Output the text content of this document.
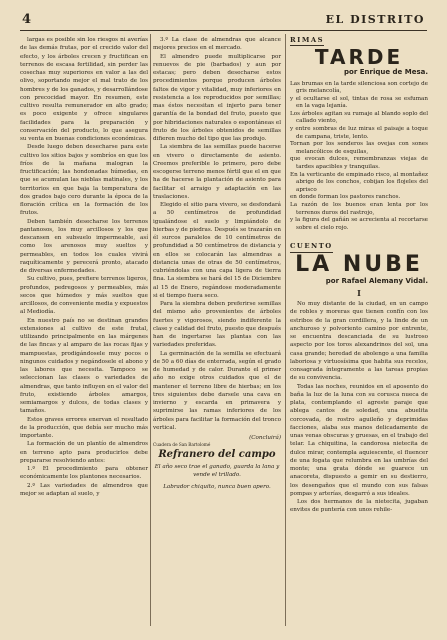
4	EL DISTRITO

largas es posible sin los riesgos ni averías de las demás frutas, por el crecido valor del efecto, y los árboles crecen y fructifican en terrenos de escasa fertilidad, sin perder las cosechas muy superiores en valor a las del olivo, soportando mejor el mal trato de los hombres y de los ganados, y desarrollándose con precocidad mayor. En resumen, este cultivo resulta remunerador en alto grado; es poco exigente y ofrece singulares facilidades para la preparación y conservación del producto, lo que asegura su venta en buenas condiciones económicas.

Desde luego deben desecharse para este cultivo los sitios bajos y sombríos en que los fríos de la mañana malogran la fructificación; las hondonadas húmedas, en que se acumulan las nieblas matinales, y los territorios en que baja la temperatura de dos grados bajo cero durante la época de la floración crítica en la formación de los frutos.

Deben también desecharse los terrenos pantanosos, los muy arcillosos y los que descansen en subsuelo impermeable, así como los arenosos muy sueltos y permeables, en todos los cuales vivirá raquíticamente y perecerá pronto, atacado de diversas enfermedades.

Su cultivo, pues, prefiere terrenos ligeros, profundos, pedregosos y permeables, más secos que húmedos y más sueltos que arcillosos, de conveniente media y expuestos al Mediodía.

En nuestro país no se destinan grandes extensiones al cultivo de este frutal, utilizando principalmente en las márgenes de las fincas y al amparo de las rocas fijas y mampuestas, prodigándosele muy pocos o ningunos cuidados y negándosele el abono y las labores que necesita. Tampoco se seleccionan las clases o variedades de almendras, que tanto influyen en el valor del fruto, existiendo árboles amargos, semiamargos y dulces, de todas clases y tamaños.

Estos graves errores enervan el resultado de la producción, que debía ser mucho más importante.

La formación de un plantío de almendros en terreno apto para producirlos debe prepararse resolviendo antes:

1.º El procedimiento para obtener económicamente los plantones necesarios.

2.º Las variedades de almendros que mejor se adaptan al suelo, y

3.º La clase de almendras que alcance mejores precios en el mercado.

El almendro puede multiplicarse por renuevos de pie (barbados) y aun por estacas; pero deben desecharse estos procedimientos porque producen árboles faltos de vigor y vitalidad, muy inferiores en resistencia a los reproducidos por semillas; mas éstos necesitan el injerto para tener garantía de la bondad del fruto, puesto que por hibridaciones naturales o espontáneas el fruto de los árboles obtenidos de semillas difieren mucho del tipo que las produjo.

La siembra de las semillas puede hacerse en vivero o directamente de asiento. Creemos preferible lo primero, pero debe escogerse terreno menos fértil que el en que ha de hacerse la plantación de asiento para facilitar el arraigo y adaptación en las traslaciones.

Elegido el sitio para vivero, se desfondará a 50 centímetros de profundidad igualándose el suelo y limpiándolo de hierbas y de piedras. Después se trazarán en él surcos paralelos de 10 centímetros de profundidad a 50 centímetros de distancia y en ellos se colocarán las almendras a distancia unas de otras de 50 centímetros, cubriéndolas con una capa ligera de tierra fina. La siembra se hará del 15 de Diciembre al 15 de Enero, regándose moderadamente si el tiempo fuera seco.

Para la siembra deben preferirse semillas del mismo año provenientes de árboles fuertes y vigorosos, siendo indiferente la clase y calidad del fruto, puesto que después han de ingertarse las plantas con las variedades preferidas.

La germinación de la semilla se efectuará de 50 a 60 días de enterrada, según el grado de humedad y de calor. Durante el primer año no exige otros cuidados que el de mantener el terreno libre de hierbas; en los tres siguientes debe darsele una cava en invierno y escarda en primavera y suprimirse las ramas inferiores de los árboles para facilitar la formación del tronco vertical.

(Concluirá)

Cuadera de San Bartolomé

Refranero del campo

El año seco trae el ganado, guarda la lana y vende el trillado.

Labrador chiquito, nunca buen apero.

RIMAS

TARDE

por Enrique de Mesa.

Las brumas en la tarde silenciosa son cortejo de gris melancolía,

y el ocultarse el sol, tintas de rosa se esfuman en la vaga lejanía.

Los árboles agitan su rumaje al blando soplo del callado viento,

y entre sombras de luz miras el paisaje a toque de campana, triste, lento.

Tornan por los senderos las ovejas con sones melancólicos de esquilas,

que evocan dulces, remembranzas viejas de tardes apacibles y tranquilas.

En la verticante de empinado risco, al montañez abrigo de los conchos, cobijan los flojeles del aprisco

en donde forman los pastores ranchos.

La razón de los buenos eran lenta por los terrenos duros del rastrojo,

y la figura del gañán se acrecienta al recortarse sobre el cielo rojo.

CUENTO

LA NUBE

por Rafael Alemany Vidal.

I

No muy distante de la ciudad, en un campo de robles y moreras que tienen confín con los estribos de la gran cordillera, y la linde de un anchuroso y polvoriento camino por entrente, se encuentra descanciada de su lustroso aspecto por los toros alexandrinos del sol, una casa grande; heredad de abolengo a una familia laboriosa y virtuosísima que habita sus recelos, consagrada íntegramente a las tareas propias de su convivencia.

Todas las noches, reunidos en el aposento do baña la luz de la luna con su corusca nueca de plata, contemplando el agreste paraje que ablega cantos de soledad, una abuelita corcovada, de rostro aguileño y deprimidas facciones, alaba sus manos delicadamente de unas venas obscuras y gruesas, en el trabajo del telar. La chiquitina, la candorosa nietecita de dulce mirar, contempla aquiescente, el fluencer de una fogata que relumbra en las umbrías del monte; una grata dónde se guarece un anacoreta, dispuesto a gemir en su destierro, los desengaños que el mundo con sus falsas pompas y arterías, desgarró a sus ideales.

Los dos hermanos de la nietecita, jugaban envites de puntería con unos rehile-
